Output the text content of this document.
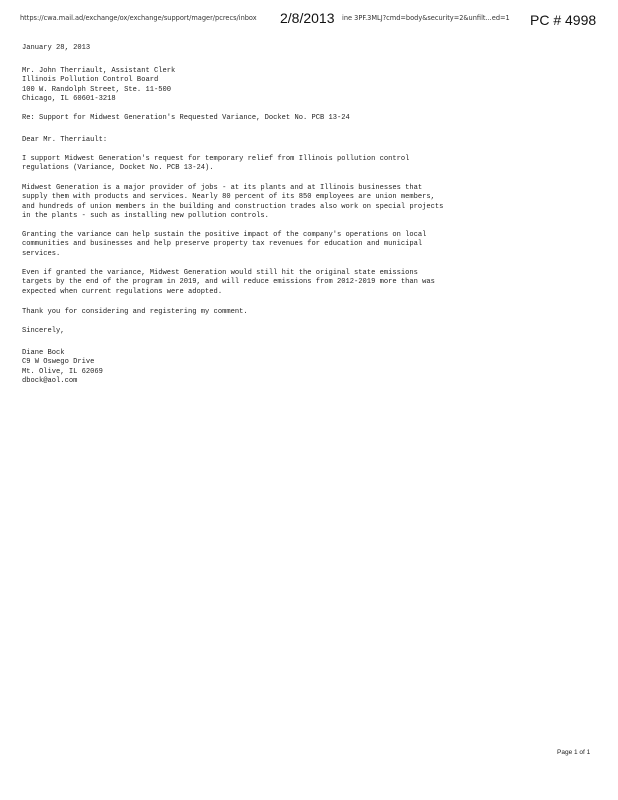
https://cwa.mail.ad/exchange/ox/exchange/support/mager/pcrecs/inbox	2/8/2013 ine 3PF.3MLJ?cmd=body&security=2&unfilt...ed=1	PC # 4998
January 28, 2013
Mr. John Therriault, Assistant Clerk
Illinois Pollution Control Board
100 W. Randolph Street, Ste. 11-500
Chicago, IL 60601-3218
Re: Support for Midwest Generation's Requested Variance, Docket No. PCB 13-24
Dear Mr. Therriault:
I support Midwest Generation's request for temporary relief from Illinois pollution control
regulations (Variance, Docket No. PCB 13-24).
Midwest Generation is a major provider of jobs - at its plants and at Illinois businesses that
supply them with products and services. Nearly 80 percent of its 850 employees are union members,
and hundreds of union members in the building and construction trades also work on special projects
in the plants - such as installing new pollution controls.
Granting the variance can help sustain the positive impact of the company's operations on local
communities and businesses and help preserve property tax revenues for education and municipal
services.
Even if granted the variance, Midwest Generation would still hit the original state emissions
targets by the end of the program in 2019, and will reduce emissions from 2012-2019 more than was
expected when current regulations were adopted.
Thank you for considering and registering my comment.
Sincerely,
Diane Bock
C9 W Oswego Drive
Mt. Olive, IL 62069
dbock@aol.com
Page 1 of 1
